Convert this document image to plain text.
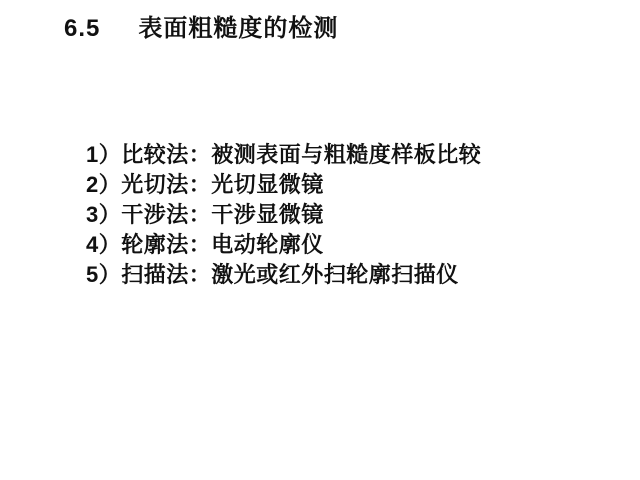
6.5 表面粗糙度的检测
1）比较法：被测表面与粗糙度样板比较
2）光切法：光切显微镜
3）干涉法：干涉显微镜
4）轮廓法：电动轮廓仪
5）扫描法：激光或红外扫轮廓扫描仪
